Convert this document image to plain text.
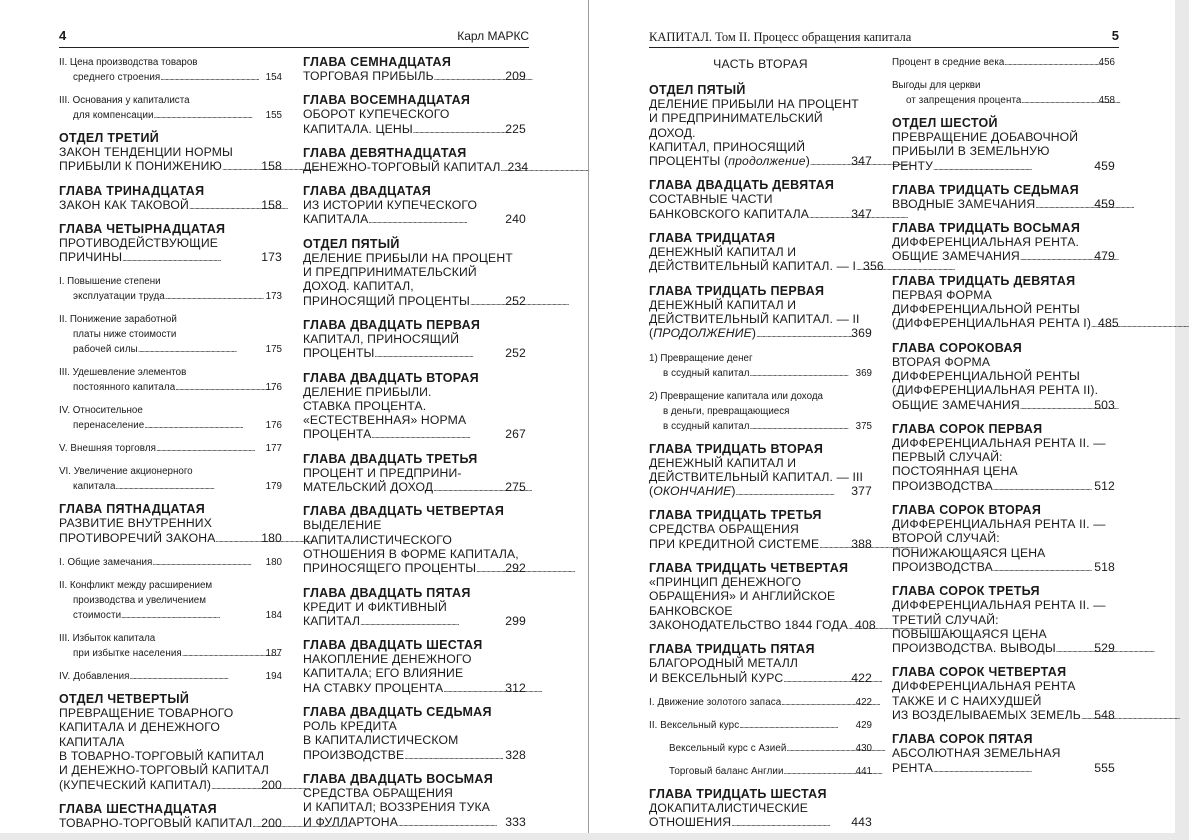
4	Карл МАРКС
II. Цена производства товаров
среднего строения . . .	154
III. Основания у капиталиста
для компенсации . . .	155
ОТДЕЛ ТРЕТИЙ
ЗАКОН ТЕНДЕНЦИИ НОРМЫ
ПРИБЫЛИ К ПОНИЖЕНИЮ . . .	158
ГЛАВА ТРИНАДЦАТАЯ
ЗАКОН КАК ТАКОВОЙ . . .	158
ГЛАВА ЧЕТЫРНАДЦАТАЯ
ПРОТИВОДЕЙСТВУЮЩИЕ
ПРИЧИНЫ . . .	173
I. Повышение степени
эксплуатации труда . . .	173
II. Понижение заработной
платы ниже стоимости
рабочей силы . . .	175
III. Удешевление элементов
постоянного капитала . . .	176
IV. Относительное
перенаселение . . .	176
V. Внешняя торговля . . .	177
VI. Увеличение акционерного
капитала . . .	179
ГЛАВА ПЯТНАДЦАТАЯ
РАЗВИТИЕ ВНУТРЕННИХ
ПРОТИВОРЕЧИЙ ЗАКОНА . . .	180
I. Общие замечания . . .	180
II. Конфликт между расширением
производства и увеличением
стоимости . . .	184
III. Избыток капитала
при избытке населения . . .	187
IV. Добавления . . .	194
ОТДЕЛ ЧЕТВЕРТЫЙ
ПРЕВРАЩЕНИЕ ТОВАРНОГО
КАПИТАЛА И ДЕНЕЖНОГО КАПИТАЛА
В ТОВАРНО-ТОРГОВЫЙ КАПИТАЛ
И ДЕНЕЖНО-ТОРГОВЫЙ КАПИТАЛ
(КУПЕЧЕСКИЙ КАПИТАЛ) . . .	200
ГЛАВА ШЕСТНАДЦАТАЯ
ТОВАРНО-ТОРГОВЫЙ КАПИТАЛ . . . 200
ГЛАВА СЕМНАДЦАТАЯ
ТОРГОВАЯ ПРИБЫЛЬ . . .	209
ГЛАВА ВОСЕМНАДЦАТАЯ
ОБОРОТ КУПЕЧЕСКОГО
КАПИТАЛА. ЦЕНЫ . . .	225
ГЛАВА ДЕВЯТНАДЦАТАЯ
ДЕНЕЖНО-ТОРГОВЫЙ КАПИТАЛ . . . 234
ГЛАВА ДВАДЦАТАЯ
ИЗ ИСТОРИИ КУПЕЧЕСКОГО
КАПИТАЛА . . .	240
ОТДЕЛ ПЯТЫЙ
ДЕЛЕНИЕ ПРИБЫЛИ НА ПРОЦЕНТ
И ПРЕДПРИНИМАТЕЛЬСКИЙ
ДОХОД. КАПИТАЛ,
ПРИНОСЯЩИЙ ПРОЦЕНТЫ . . .	252
ГЛАВА ДВАДЦАТЬ ПЕРВАЯ
КАПИТАЛ, ПРИНОСЯЩИЙ
ПРОЦЕНТЫ . . .	252
ГЛАВА ДВАДЦАТЬ ВТОРАЯ
ДЕЛЕНИЕ ПРИБЫЛИ.
СТАВКА ПРОЦЕНТА.
«ЕСТЕСТВЕННАЯ» НОРМА
ПРОЦЕНТА . . .	267
ГЛАВА ДВАДЦАТЬ ТРЕТЬЯ
ПРОЦЕНТ И ПРЕДПРИНИ-
МАТЕЛЬСКИЙ ДОХОД . . .	275
ГЛАВА ДВАДЦАТЬ ЧЕТВЕРТАЯ
ВЫДЕЛЕНИЕ КАПИТАЛИСТИЧЕСКОГО
ОТНОШЕНИЯ В ФОРМЕ КАПИТАЛА,
ПРИНОСЯЩЕГО ПРОЦЕНТЫ . . . 292
ГЛАВА ДВАДЦАТЬ ПЯТАЯ
КРЕДИТ И ФИКТИВНЫЙ
КАПИТАЛ . . .	299
ГЛАВА ДВАДЦАТЬ ШЕСТАЯ
НАКОПЛЕНИЕ ДЕНЕЖНОГО
КАПИТАЛА; ЕГО ВЛИЯНИЕ
НА СТАВКУ ПРОЦЕНТА . . .	312
ГЛАВА ДВАДЦАТЬ СЕДЬМАЯ
РОЛЬ КРЕДИТА
В КАПИТАЛИСТИЧЕСКОМ
ПРОИЗВОДСТВЕ . . .	328
ГЛАВА ДВАДЦАТЬ ВОСЬМАЯ
СРЕДСТВА ОБРАЩЕНИЯ
И КАПИТАЛ; ВОЗЗРЕНИЯ ТУКА
И ФУЛЛАРТОНА . . .	333
КАПИТАЛ. Том II. Процесс обращения капитала	5
ЧАСТЬ ВТОРАЯ
ОТДЕЛ ПЯТЫЙ
ДЕЛЕНИЕ ПРИБЫЛИ НА ПРОЦЕНТ
И ПРЕДПРИНИМАТЕЛЬСКИЙ ДОХОД.
КАПИТАЛ, ПРИНОСЯЩИЙ
ПРОЦЕНТЫ (продолжение) . . .	347
ГЛАВА ДВАДЦАТЬ ДЕВЯТАЯ
СОСТАВНЫЕ ЧАСТИ
БАНКОВСКОГО КАПИТАЛА . . .	347
ГЛАВА ТРИДЦАТАЯ
ДЕНЕЖНЫЙ КАПИТАЛ И
ДЕЙСТВИТЕЛЬНЫЙ КАПИТАЛ. — I . . . 356
ГЛАВА ТРИДЦАТЬ ПЕРВАЯ
ДЕНЕЖНЫЙ КАПИТАЛ И
ДЕЙСТВИТЕЛЬНЫЙ КАПИТАЛ. — II
(ПРОДОЛЖЕНИЕ) . . .	369
1) Превращение денег
в ссудный капитал . . .	369
2) Превращение капитала или дохода
в деньги, превращающиеся
в ссудный капитал . . .	375
ГЛАВА ТРИДЦАТЬ ВТОРАЯ
ДЕНЕЖНЫЙ КАПИТАЛ И
ДЕЙСТВИТЕЛЬНЫЙ КАПИТАЛ. — III
(ОКОНЧАНИЕ) . . .	377
ГЛАВА ТРИДЦАТЬ ТРЕТЬЯ
СРЕДСТВА ОБРАЩЕНИЯ
ПРИ КРЕДИТНОЙ СИСТЕМЕ . . .	388
ГЛАВА ТРИДЦАТЬ ЧЕТВЕРТАЯ
«ПРИНЦИП ДЕНЕЖНОГО
ОБРАЩЕНИЯ» И АНГЛИЙСКОЕ
БАНКОВСКОЕ
ЗАКОНОДАТЕЛЬСТВО 1844 ГОДА . . . 408
ГЛАВА ТРИДЦАТЬ ПЯТАЯ
БЛАГОРОДНЫЙ МЕТАЛЛ
И ВЕКСЕЛЬНЫЙ КУРС . . .	422
I. Движение золотого запаса . . .	422
II. Вексельный курс . . .	429
Вексельный курс с Азией . . .	430
Торговый баланс Англии . . .	441
ГЛАВА ТРИДЦАТЬ ШЕСТАЯ
ДОКАПИТАЛИСТИЧЕСКИЕ
ОТНОШЕНИЯ . . .	443
Процент в средние века . . .	456
Выгоды для церкви
от запрещения процента . . .	458
ОТДЕЛ ШЕСТОЙ
ПРЕВРАЩЕНИЕ ДОБАВОЧНОЙ
ПРИБЫЛИ В ЗЕМЕЛЬНУЮ
РЕНТУ . . .	459
ГЛАВА ТРИДЦАТЬ СЕДЬМАЯ
ВВОДНЫЕ ЗАМЕЧАНИЯ . . .	459
ГЛАВА ТРИДЦАТЬ ВОСЬМАЯ
ДИФФЕРЕНЦИАЛЬНАЯ РЕНТА.
ОБЩИЕ ЗАМЕЧАНИЯ . . .	479
ГЛАВА ТРИДЦАТЬ ДЕВЯТАЯ
ПЕРВАЯ ФОРМА
ДИФФЕРЕНЦИАЛЬНОЙ РЕНТЫ
(ДИФФЕРЕНЦИАЛЬНАЯ РЕНТА I) . . . 485
ГЛАВА СОРОКОВАЯ
ВТОРАЯ ФОРМА
ДИФФЕРЕНЦИАЛЬНОЙ РЕНТЫ
(ДИФФЕРЕНЦИАЛЬНАЯ РЕНТА II).
ОБЩИЕ ЗАМЕЧАНИЯ . . .	503
ГЛАВА СОРОК ПЕРВАЯ
ДИФФЕРЕНЦИАЛЬНАЯ РЕНТА II. —
ПЕРВЫЙ СЛУЧАЙ:
ПОСТОЯННАЯ ЦЕНА
ПРОИЗВОДСТВА . . .	512
ГЛАВА СОРОК ВТОРАЯ
ДИФФЕРЕНЦИАЛЬНАЯ РЕНТА II. —
ВТОРОЙ СЛУЧАЙ:
ПОНИЖАЮЩАЯСЯ ЦЕНА
ПРОИЗВОДСТВА . . .	518
ГЛАВА СОРОК ТРЕТЬЯ
ДИФФЕРЕНЦИАЛЬНАЯ РЕНТА II. —
ТРЕТИЙ СЛУЧАЙ:
ПОВЫШАЮЩАЯСЯ ЦЕНА
ПРОИЗВОДСТВА. ВЫВОДЫ . . .	529
ГЛАВА СОРОК ЧЕТВЕРТАЯ
ДИФФЕРЕНЦИАЛЬНАЯ РЕНТА
ТАКЖЕ И С НАИХУДШЕЙ
ИЗ ВОЗДЕЛЫВАЕМЫХ ЗЕМЕЛЬ . . . 548
ГЛАВА СОРОК ПЯТАЯ
АБСОЛЮТНАЯ ЗЕМЕЛЬНАЯ
РЕНТА . . .	555
